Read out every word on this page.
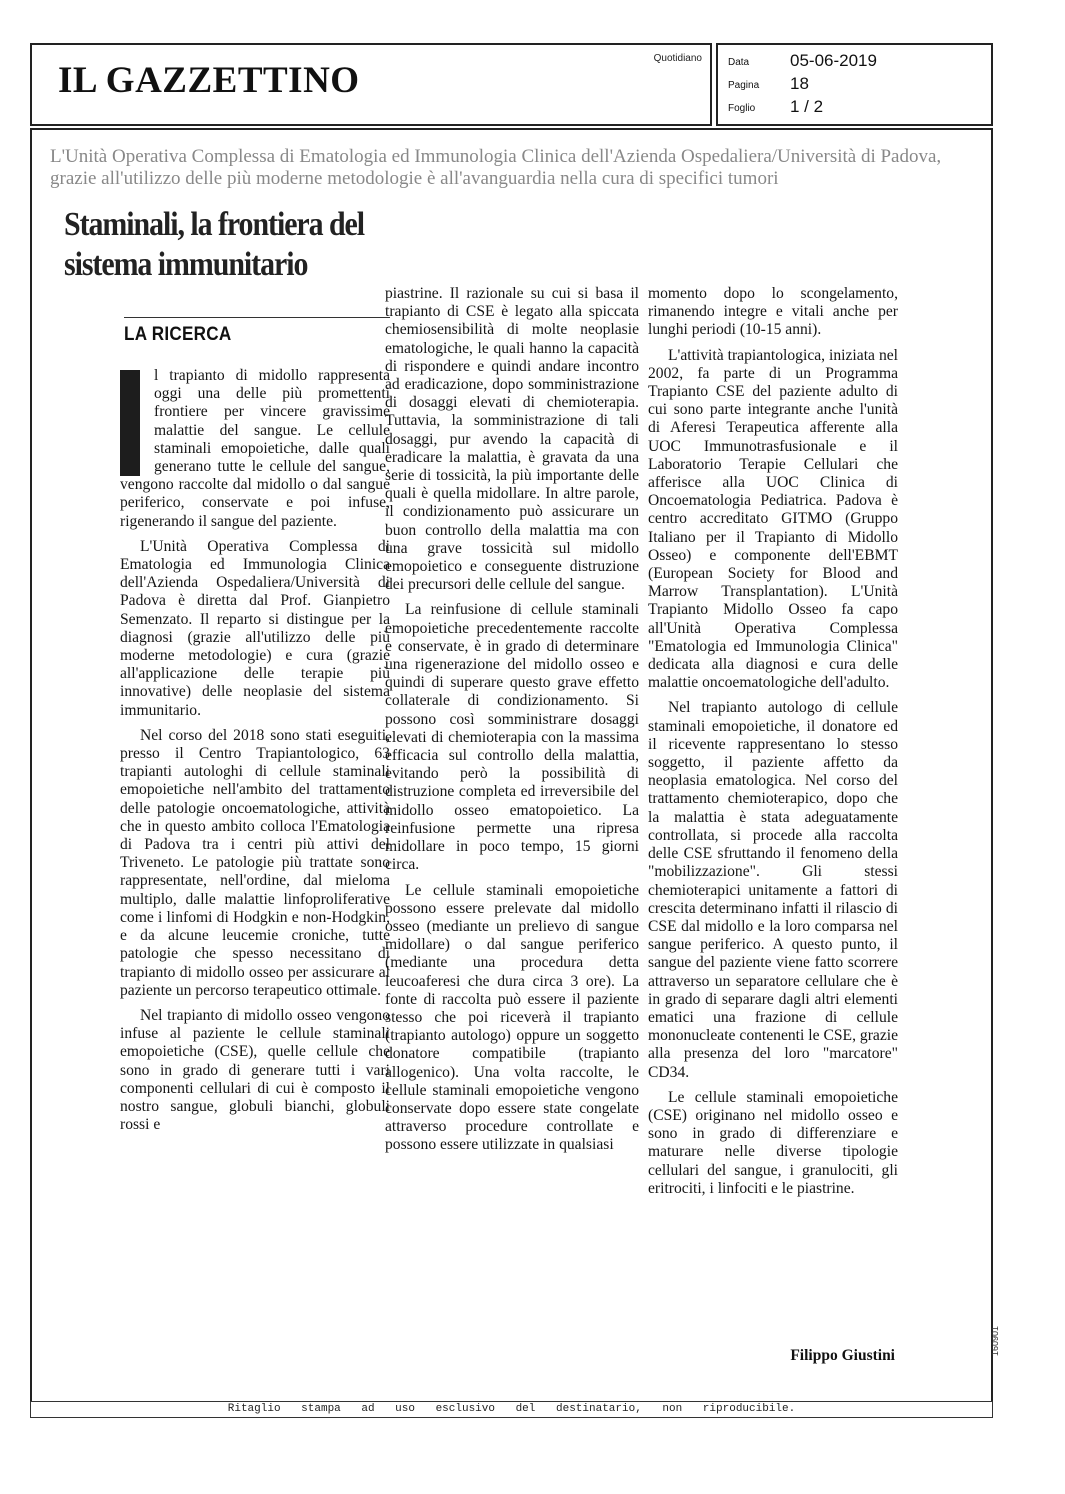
IL GAZZETTINO
Quotidiano	Data 05-06-2019
Pagina 18
Foglio 1 / 2
L'Unità Operativa Complessa di Ematologia ed Immunologia Clinica dell'Azienda Ospedaliera/Università di Padova, grazie all'utilizzo delle più moderne metodologie è all'avanguardia nella cura di specifici tumori
Staminali, la frontiera del sistema immunitario
LA RICERCA

l trapianto di midollo rappresenta oggi una delle più promettenti frontiere per vincere gravissime malattie del sangue. Le cellule staminali emopoietiche, dalle quali generano tutte le cellule del sangue, vengono raccolte dal midollo o dal sangue periferico, conservate e poi infuse, rigenerando il sangue del paziente.

L'Unità Operativa Complessa di Ematologia ed Immunologia Clinica dell'Azienda Ospedaliera/Università di Padova è diretta dal Prof. Gianpietro Semenzato. Il reparto si distingue per la diagnosi (grazie all'utilizzo delle più moderne metodologie) e cura (grazie all'applicazione delle terapie più innovative) delle neoplasie del sistema immunitario.

Nel corso del 2018 sono stati eseguiti, presso il Centro Trapiantologico, 63 trapianti autologhi di cellule staminali emopoietiche nell'ambito del trattamento delle patologie oncoematologiche, attività che in questo ambito colloca l'Ematologia di Padova tra i centri più attivi del Triveneto. Le patologie più trattate sono rappresentate, nell'ordine, dal mieloma multiplo, dalle malattie linfoproliferative come i linfomi di Hodgkin e non-Hodgkin, e da alcune leucemie croniche, tutte patologie che spesso necessitano di trapianto di midollo osseo per assicurare al paziente un percorso terapeutico ottimale.

Nel trapianto di midollo osseo vengono infuse al paziente le cellule staminali emopoietiche (CSE), quelle cellule che sono in grado di generare tutti i vari componenti cellulari di cui è composto il nostro sangue, globuli bianchi, globuli rossi e

piastrine. Il razionale su cui si basa il trapianto di CSE è legato alla spiccata chemiosensibilità di molte neoplasie ematologiche, le quali hanno la capacità di rispondere e quindi andare incontro ad eradicazione, dopo somministrazione di dosaggi elevati di chemioterapia. Tuttavia, la somministrazione di tali dosaggi, pur avendo la capacità di eradicare la malattia, è gravata da una serie di tossicità, la più importante delle quali è quella midollare. In altre parole, il condizionamento può assicurare un buon controllo della malattia ma con una grave tossicità sul midollo emopoietico e conseguente distruzione dei precursori delle cellule del sangue.

La reinfusione di cellule staminali emopoietiche precedentemente raccolte e conservate, è in grado di determinare una rigenerazione del midollo osseo e quindi di superare questo grave effetto collaterale di condizionamento. Si possono così somministrare dosaggi elevati di chemioterapia con la massima efficacia sul controllo della malattia, evitando però la possibilità di distruzione completa ed irreversibile del midollo osseo ematopoietico. La reinfusione permette una ripresa midollare in poco tempo, 15 giorni circa.

Le cellule staminali emopoietiche possono essere prelevate dal midollo osseo (mediante un prelievo di sangue midollare) o dal sangue periferico (mediante una procedura detta leucoaferesi che dura circa 3 ore). La fonte di raccolta può essere il paziente stesso che poi riceverà il trapianto (trapianto autologo) oppure un soggetto donatore compatibile (trapianto allogenico). Una volta raccolte, le cellule staminali emopoietiche vengono conservate dopo essere state congelate attraverso procedure controllate e possono essere utilizzate in qualsiasi

momento dopo lo scongelamento, rimanendo integre e vitali anche per lunghi periodi (10-15 anni).

L'attività trapiantologica, iniziata nel 2002, fa parte di un Programma Trapianto CSE del paziente adulto di cui sono parte integrante anche l'unità di Aferesi Terapeutica afferente alla UOC Immunotrasfusionale e il Laboratorio Terapie Cellulari che afferisce alla UOC Clinica di Oncoematologia Pediatrica. Padova è centro accreditato GITMO (Gruppo Italiano per il Trapianto di Midollo Osseo) e componente dell'EBMT (European Society for Blood and Marrow Transplantation). L'Unità Trapianto Midollo Osseo fa capo all'Unità Operativa Complessa "Ematologia ed Immunologia Clinica" dedicata alla diagnosi e cura delle malattie oncoematologiche dell'adulto.

Nel trapianto autologo di cellule staminali emopoietiche, il donatore ed il ricevente rappresentano lo stesso soggetto, il paziente affetto da neoplasia ematologica. Nel corso del trattamento chemioterapico, dopo che la malattia è stata adeguatamente controllata, si procede alla raccolta delle CSE sfruttando il fenomeno della "mobilizzazione". Gli stessi chemioterapici unitamente a fattori di crescita determinano infatti il rilascio di CSE dal midollo e la loro comparsa nel sangue periferico. A questo punto, il sangue del paziente viene fatto scorrere attraverso un separatore cellulare che è in grado di separare dagli altri elementi ematici una frazione di cellule mononucleate contenenti le CSE, grazie alla presenza del loro "marcatore" CD34.

Le cellule staminali emopoietiche (CSE) originano nel midollo osseo e sono in grado di differenziare e maturare nelle diverse tipologie cellulari del sangue, i granulociti, gli eritrociti, i linfociti e le piastrine.

Filippo Giustini	160901
Ritaglio stampa ad uso esclusivo del destinatario, non riproducibile.
